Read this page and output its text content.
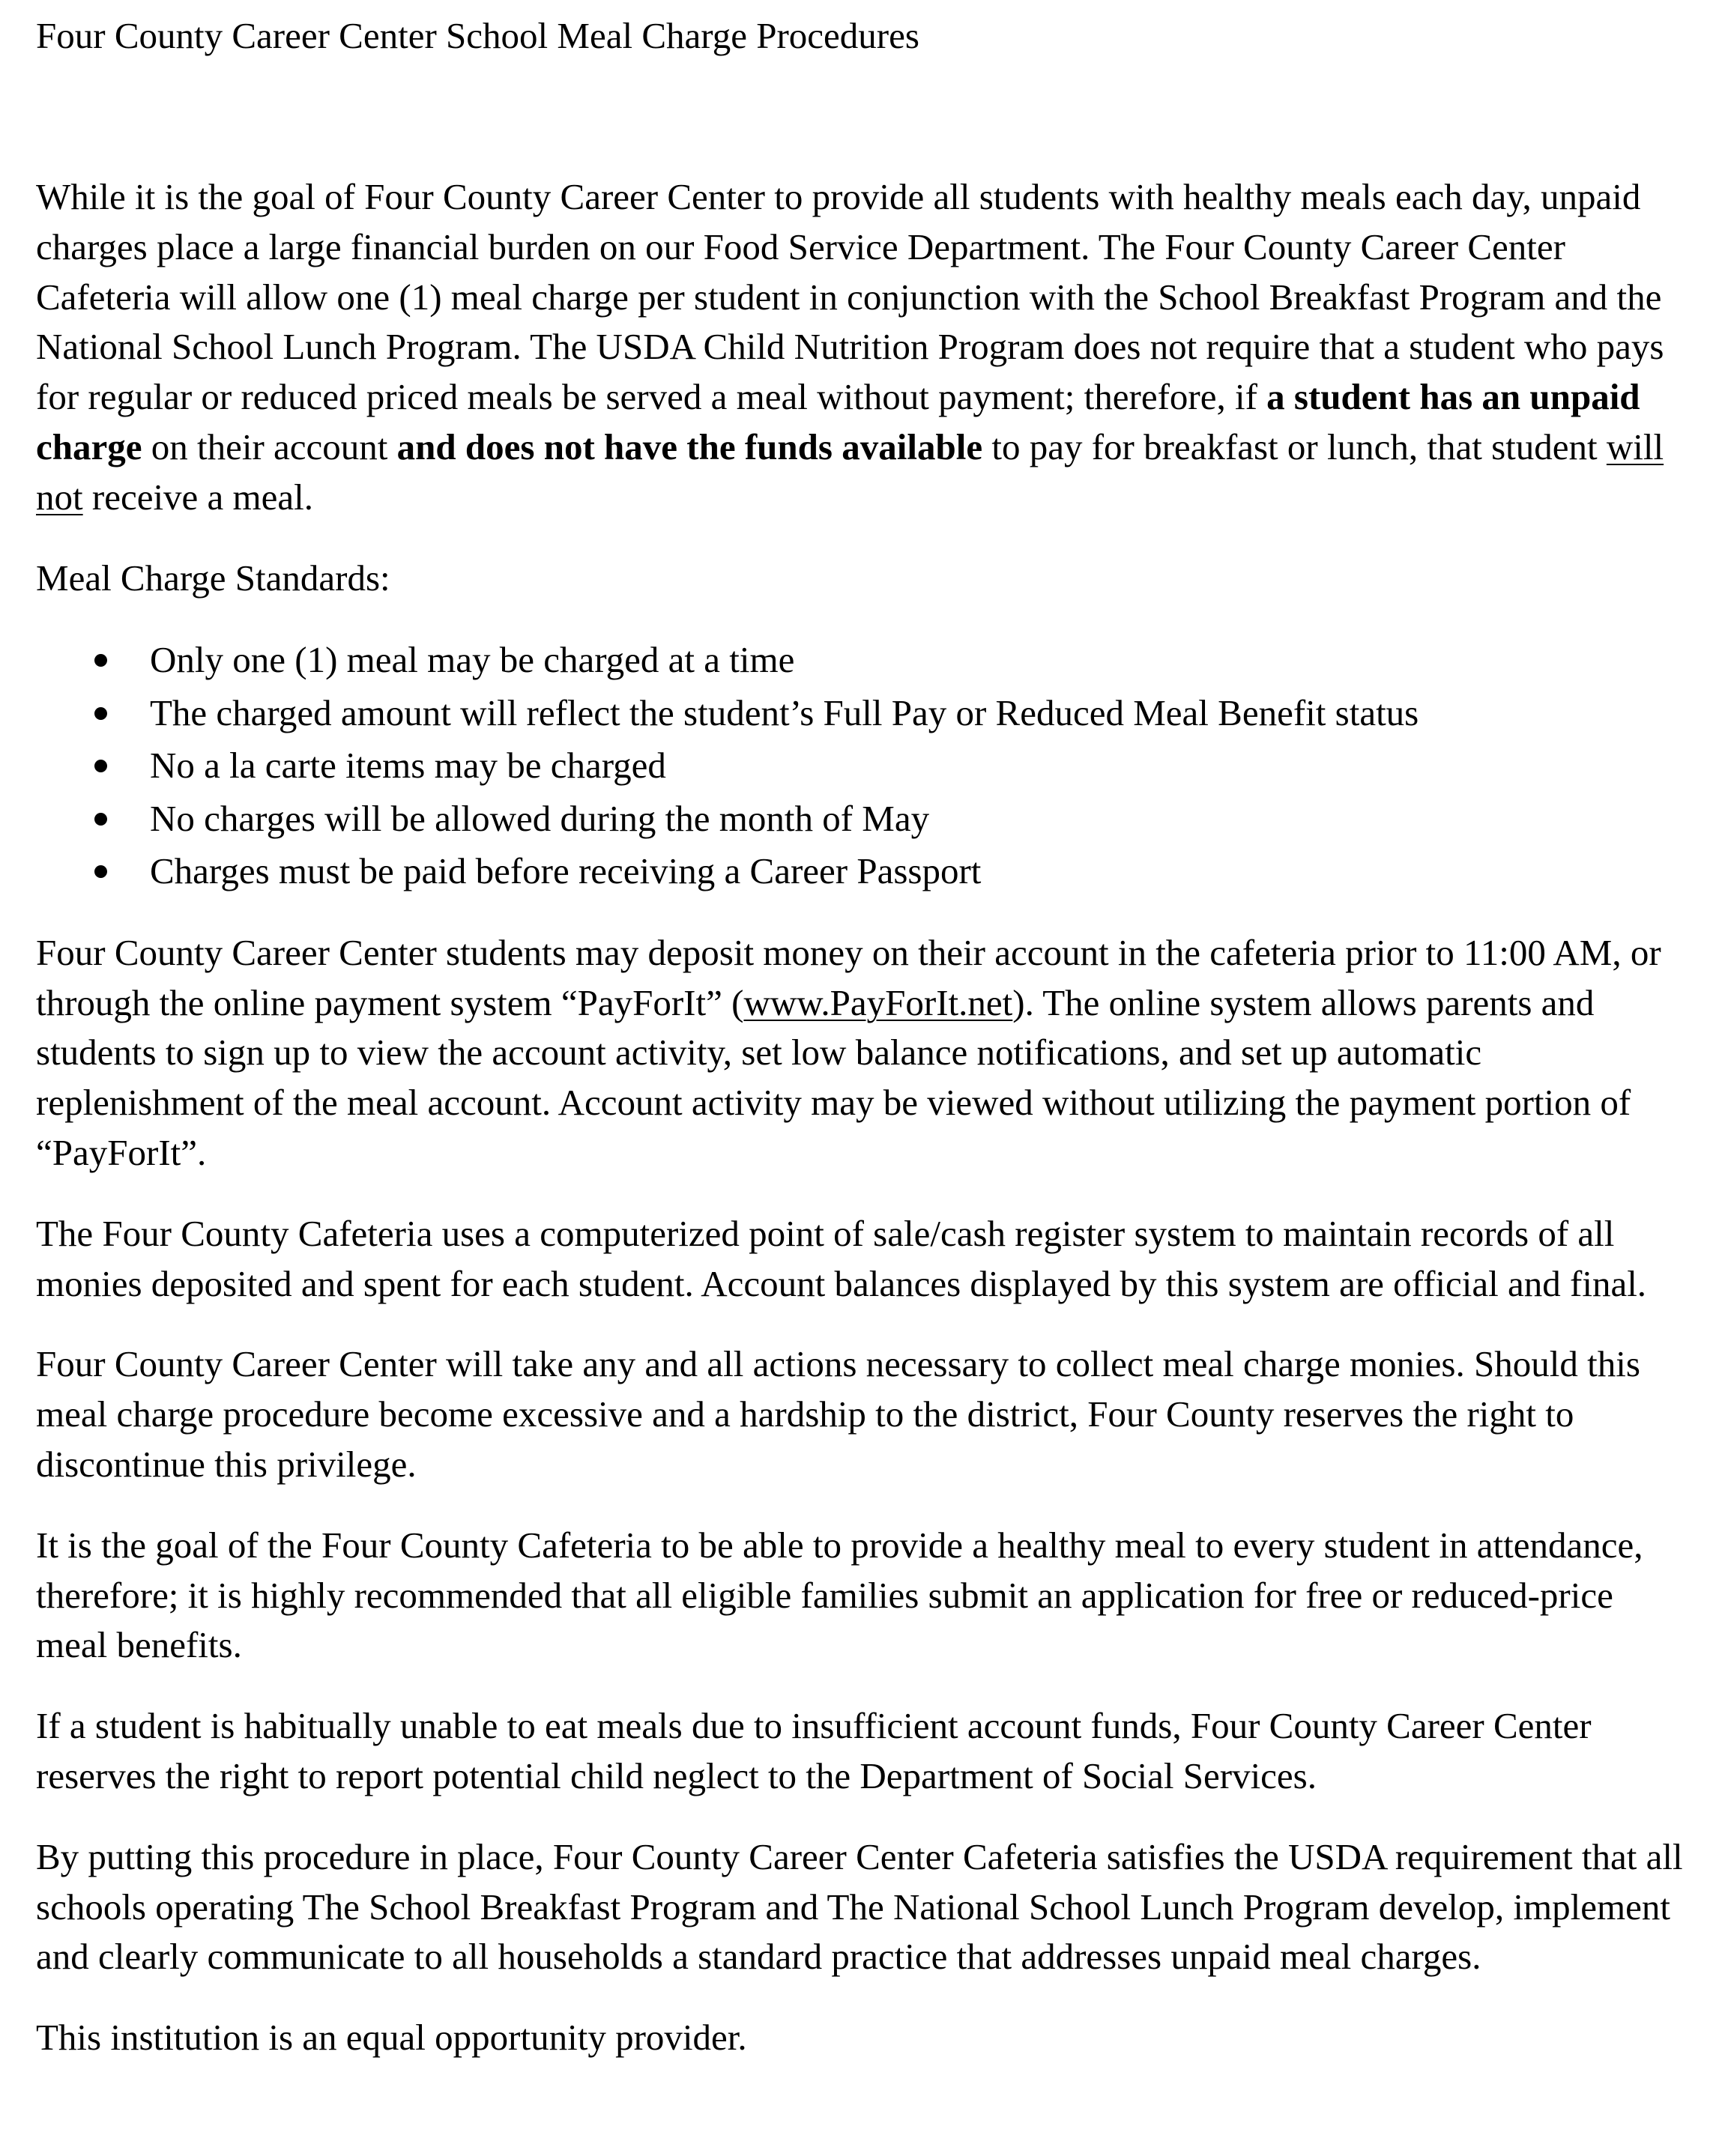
Four County Career Center School Meal Charge Procedures

While it is the goal of Four County Career Center to provide all students with healthy meals each day, unpaid charges place a large financial burden on our Food Service Department. The Four County Career Center Cafeteria will allow one (1) meal charge per student in conjunction with the School Breakfast Program and the National School Lunch Program. The USDA Child Nutrition Program does not require that a student who pays for regular or reduced priced meals be served a meal without payment; therefore, if a student has an unpaid charge on their account and does not have the funds available to pay for breakfast or lunch, that student will not receive a meal.

Meal Charge Standards:

Only one (1) meal may be charged at a time
The charged amount will reflect the student’s Full Pay or Reduced Meal Benefit status
No a la carte items may be charged
No charges will be allowed during the month of May
Charges must be paid before receiving a Career Passport

Four County Career Center students may deposit money on their account in the cafeteria prior to 11:00 AM, or through the online payment system “PayForIt” (www.PayForIt.net). The online system allows parents and students to sign up to view the account activity, set low balance notifications, and set up automatic replenishment of the meal account. Account activity may be viewed without utilizing the payment portion of “PayForIt”.

The Four County Cafeteria uses a computerized point of sale/cash register system to maintain records of all monies deposited and spent for each student. Account balances displayed by this system are official and final.

Four County Career Center will take any and all actions necessary to collect meal charge monies. Should this meal charge procedure become excessive and a hardship to the district, Four County reserves the right to discontinue this privilege.

It is the goal of the Four County Cafeteria to be able to provide a healthy meal to every student in attendance, therefore; it is highly recommended that all eligible families submit an application for free or reduced-price meal benefits.

If a student is habitually unable to eat meals due to insufficient account funds, Four County Career Center reserves the right to report potential child neglect to the Department of Social Services.

By putting this procedure in place, Four County Career Center Cafeteria satisfies the USDA requirement that all schools operating The School Breakfast Program and The National School Lunch Program develop, implement and clearly communicate to all households a standard practice that addresses unpaid meal charges.

This institution is an equal opportunity provider.
